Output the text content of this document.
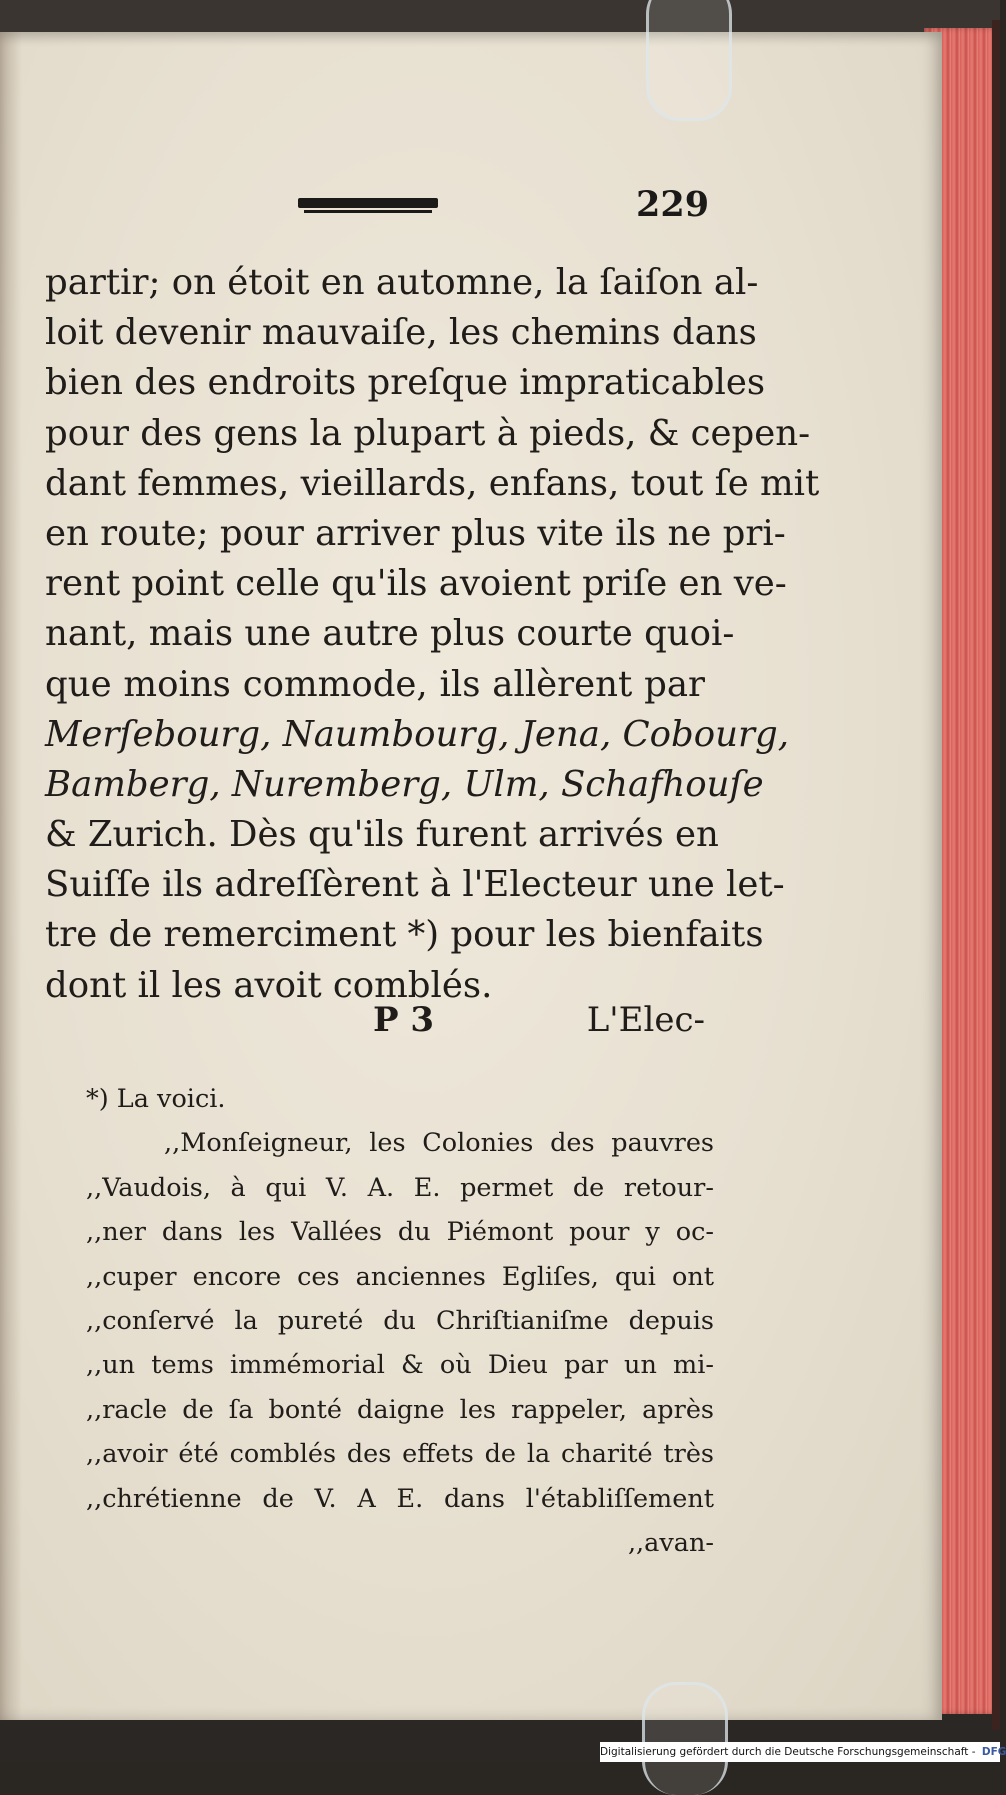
229
partir; on étoit en automne, la ſaiſon al-
loit devenir mauvaiſe, les chemins dans
bien des endroits preſque impraticables
pour des gens la plupart à pieds, & cepen-
dant femmes, vieillards, enfans, tout ſe mit
en route; pour arriver plus vite ils ne pri-
rent point celle qu'ils avoient priſe en ve-
nant, mais une autre plus courte quoi-
que moins commode, ils allèrent par
Merſebourg, Naumbourg, Jena, Cobourg,
Bamberg, Nuremberg, Ulm, Schafhouſe
& Zurich. Dès qu'ils furent arrivés en
Suiſſe ils adreſſèrent à l'Electeur une let-
tre de remerciment *) pour les bienfaits
dont il les avoit comblés.
P 3	L'Elec-
*) La voici.
,,Monſeigneur, les Colonies des pauvres
,,Vaudois, à qui V. A. E. permet de retour-
,,ner dans les Vallées du Piémont pour y oc-
,,cuper encore ces anciennes Egliſes, qui ont
,,conſervé la pureté du Chriſtianiſme depuis
,,un tems immémorial & où Dieu par un mi-
,,racle de ſa bonté daigne les rappeler, après
,,avoir été comblés des effets de la charité très
,,chrétienne de V. A E. dans l'établiſſement
,,avan-
Digitalisierung gefördert durch die Deutsche Forschungsgemeinschaft - DFG
